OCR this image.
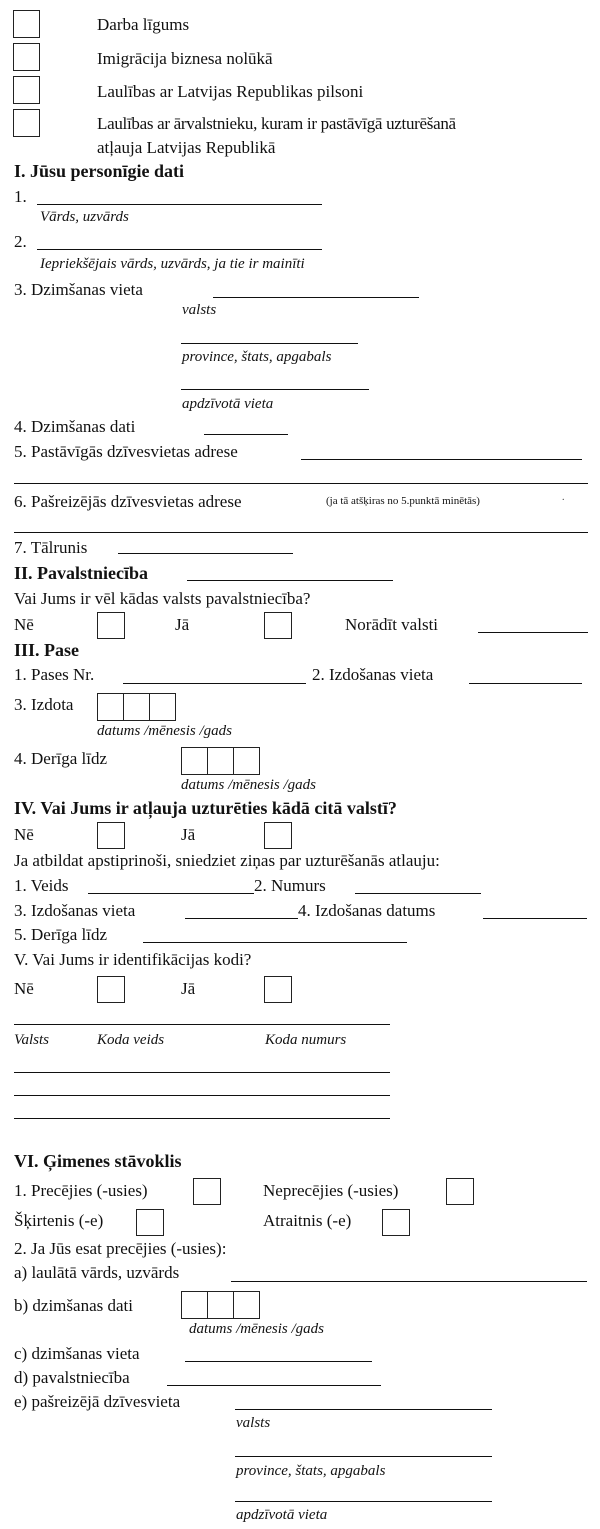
Darba līgums
Imigrācija biznesa nolūkā
Laulības ar Latvijas Republikas pilsoni
Laulības ar ārvalstnieku, kuram ir pastāvīgā uzturēšanā
atļauja Latvijas Republikā
I. Jūsu personīgie dati
1.
Vārds, uzvārds
2.
Iepriekšējais vārds, uzvārds, ja tie ir mainīti
3. Dzimšanas vieta
valsts
province, štats, apgabals
apdzīvotā vieta
4. Dzimšanas dati
5. Pastāvīgās dzīvesvietas adrese
6. Pašreizējās dzīvesvietas adrese	(ja tā atšķiras no 5.punktā minētās)	.
7. Tālrunis
II. Pavalstniecība
Vai Jums ir vēl kādas valsts pavalstniecība?
Nē	Jā	Norādīt valsti
III. Pase
1. Pases Nr.	2. Izdošanas vieta
3. Izdota
datums /mēnesis /gads
4. Derīga līdz
datums /mēnesis /gads
IV. Vai Jums ir atļauja uzturēties kādā citā valstī?
Nē	Jā
Ja atbildat apstiprinoši, sniedziet ziņas par uzturēšanās atlauju:
1. Veids	2. Numurs
3. Izdošanas vieta	4. Izdošanas datums
5. Derīga līdz
V. Vai Jums ir identifikācijas kodi?
Nē	Jā
Valsts	Koda veids	Koda numurs
VI. Ģimenes stāvoklis
1. Precējies (-usies)	Neprecējies (-usies)
Šķirtenis (-e)	Atraitnis (-e)
2. Ja Jūs esat precējies (-usies):
a) laulātā vārds, uzvārds
b) dzimšanas dati
datums /mēnesis /gads
c) dzimšanas vieta
d) pavalstniecība
e) pašreizējā dzīvesvieta
valsts
province, štats, apgabals
apdzīvotā vieta
